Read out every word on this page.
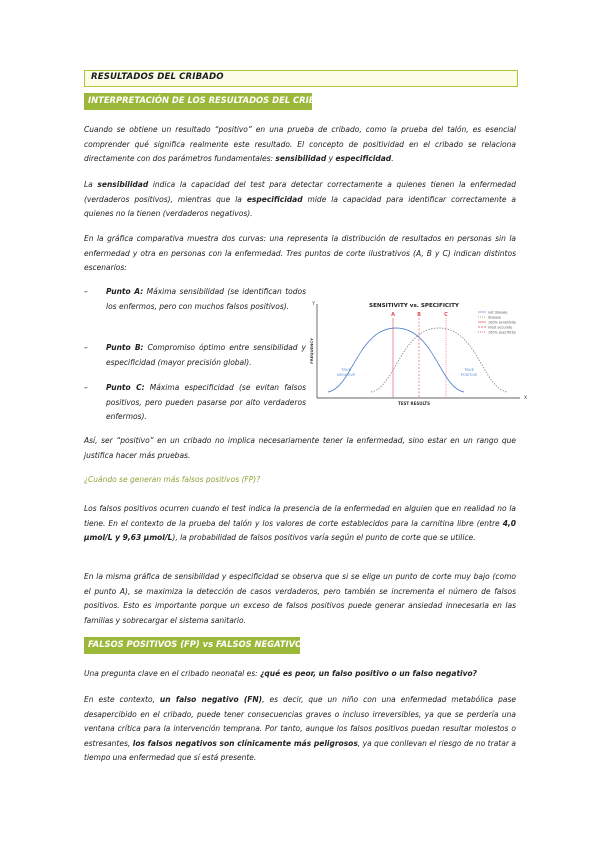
RESULTADOS DEL CRIBADO
INTERPRETACIÓN DE LOS RESULTADOS DEL CRIBADO

Cuando se obtiene un resultado “positivo” en una prueba de cribado, como la prueba del talón, es esencial comprender qué significa realmente este resultado. El concepto de positividad en el cribado se relaciona directamente con dos parámetros fundamentales: sensibilidad y especificidad.

La sensibilidad indica la capacidad del test para detectar correctamente a quienes tienen la enfermedad (verdaderos positivos), mientras que la especificidad mide la capacidad para identificar correctamente a quienes no la tienen (verdaderos negativos).

En la gráfica comparativa muestra dos curvas: una representa la distribución de resultados en personas sin la enfermedad y otra en personas con la enfermedad. Tres puntos de corte ilustrativos (A, B y C) indican distintos escenarios:

– Punto A: Máxima sensibilidad (se identifican todos los enfermos, pero con muchos falsos positivos).
– Punto B: Compromiso óptimo entre sensibilidad y especificidad (mayor precisión global).
– Punto C: Máxima especificidad (se evitan falsos positivos, pero pueden pasarse por alto verdaderos enfermos).
Y
X
SENSITIVITY vs. SPECIFICITY
TEST RESULTS
FREQUENCY
A	B	C
TRUE
NEGATIVE
TRUE
POSITIVE
not disease
disease
100% sensitivity
most accurate
100% specificity

Así, ser “positivo” en un cribado no implica necesariamente tener la enfermedad, sino estar en un rango que justifica hacer más pruebas.

¿Cuándo se generan más falsos positivos (FP)?

Los falsos positivos ocurren cuando el test indica la presencia de la enfermedad en alguien que en realidad no la tiene. En el contexto de la prueba del talón y los valores de corte establecidos para la carnitina libre (entre 4,0 µmol/L y 9,63 µmol/L), la probabilidad de falsos positivos varía según el punto de corte que se utilice.

En la misma gráfica de sensibilidad y especificidad se observa que si se elige un punto de corte muy bajo (como el punto A), se maximiza la detección de casos verdaderos, pero también se incrementa el número de falsos positivos. Esto es importante porque un exceso de falsos positivos puede generar ansiedad innecesaria en las familias y sobrecargar el sistema sanitario.

FALSOS POSITIVOS (FP) vs FALSOS NEGATIVOS (FN)

Una pregunta clave en el cribado neonatal es: ¿qué es peor, un falso positivo o un falso negativo?

En este contexto, un falso negativo (FN), es decir, que un niño con una enfermedad metabólica pase desapercibido en el cribado, puede tener consecuencias graves o incluso irreversibles, ya que se perdería una ventana crítica para la intervención temprana. Por tanto, aunque los falsos positivos puedan resultar molestos o estresantes, los falsos negativos son clínicamente más peligrosos, ya que conllevan el riesgo de no tratar a tiempo una enfermedad que sí está presente.
